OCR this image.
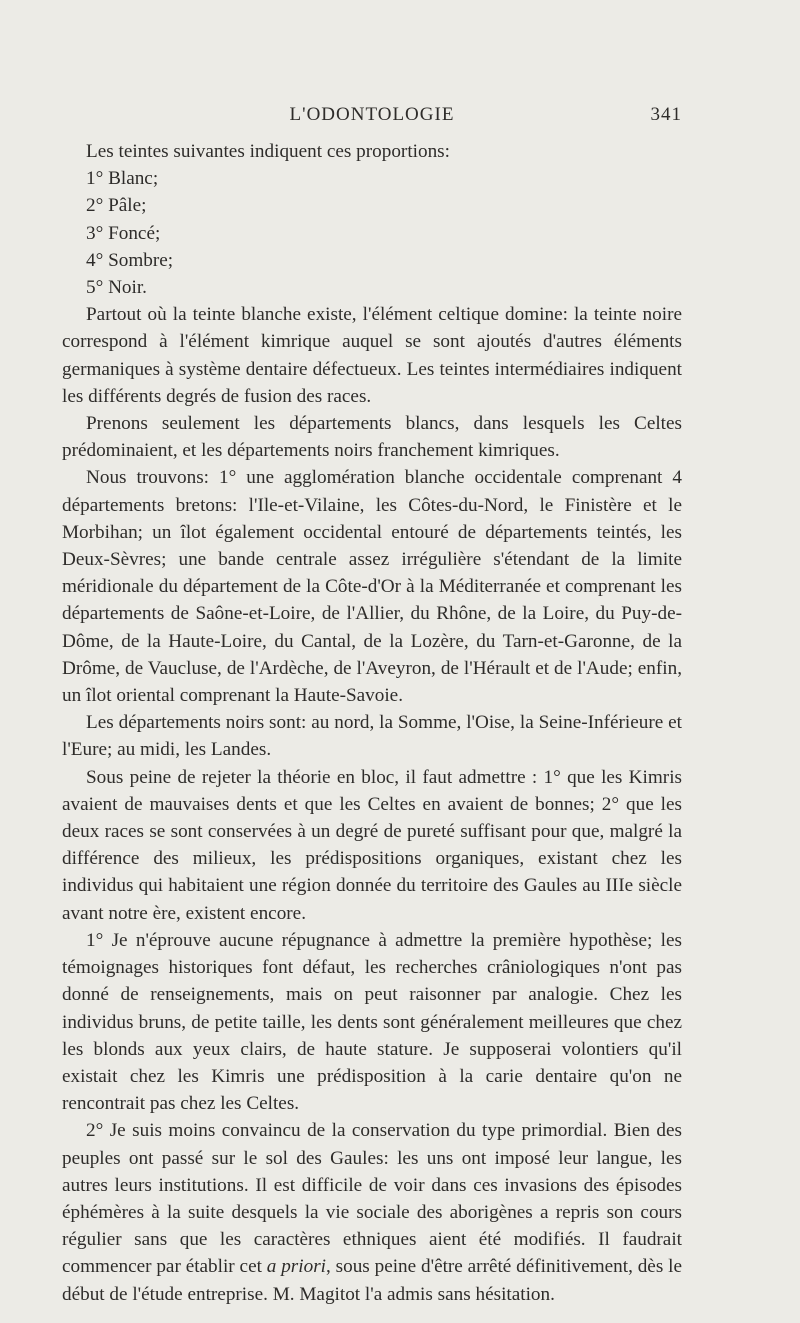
L'ODONTOLOGIE	341

Les teintes suivantes indiquent ces proportions:

1° Blanc;

2° Pâle;

3° Foncé;

4° Sombre;

5° Noir.

Partout où la teinte blanche existe, l'élément celtique domine: la teinte noire correspond à l'élément kimrique auquel se sont ajoutés d'autres éléments germaniques à système dentaire défectueux. Les teintes intermédiaires indiquent les différents degrés de fusion des races.

Prenons seulement les départements blancs, dans lesquels les Celtes prédominaient, et les départements noirs franchement kimriques.

Nous trouvons: 1° une agglomération blanche occidentale comprenant 4 départements bretons: l'Ile-et-Vilaine, les Côtes-du-Nord, le Finistère et le Morbihan; un îlot également occidental entouré de départements teintés, les Deux-Sèvres; une bande centrale assez irrégulière s'étendant de la limite méridionale du département de la Côte-d'Or à la Méditerranée et comprenant les départements de Saône-et-Loire, de l'Allier, du Rhône, de la Loire, du Puy-de-Dôme, de la Haute-Loire, du Cantal, de la Lozère, du Tarn-et-Garonne, de la Drôme, de Vaucluse, de l'Ardèche, de l'Aveyron, de l'Hérault et de l'Aude; enfin, un îlot oriental comprenant la Haute-Savoie.

Les départements noirs sont: au nord, la Somme, l'Oise, la Seine-Inférieure et l'Eure; au midi, les Landes.

Sous peine de rejeter la théorie en bloc, il faut admettre : 1° que les Kimris avaient de mauvaises dents et que les Celtes en avaient de bonnes; 2° que les deux races se sont conservées à un degré de pureté suffisant pour que, malgré la différence des milieux, les prédispositions organiques, existant chez les individus qui habitaient une région donnée du territoire des Gaules au IIIe siècle avant notre ère, existent encore.

1° Je n'éprouve aucune répugnance à admettre la première hypothèse; les témoignages historiques font défaut, les recherches crâniologiques n'ont pas donné de renseignements, mais on peut raisonner par analogie. Chez les individus bruns, de petite taille, les dents sont généralement meilleures que chez les blonds aux yeux clairs, de haute stature. Je supposerai volontiers qu'il existait chez les Kimris une prédisposition à la carie dentaire qu'on ne rencontrait pas chez les Celtes.

2° Je suis moins convaincu de la conservation du type primordial. Bien des peuples ont passé sur le sol des Gaules: les uns ont imposé leur langue, les autres leurs institutions. Il est difficile de voir dans ces invasions des épisodes éphémères à la suite desquels la vie sociale des aborigènes a repris son cours régulier sans que les caractères ethniques aient été modifiés. Il faudrait commencer par établir cet a priori, sous peine d'être arrêté définitivement, dès le début de l'étude entreprise. M. Magitot l'a admis sans hésitation.
